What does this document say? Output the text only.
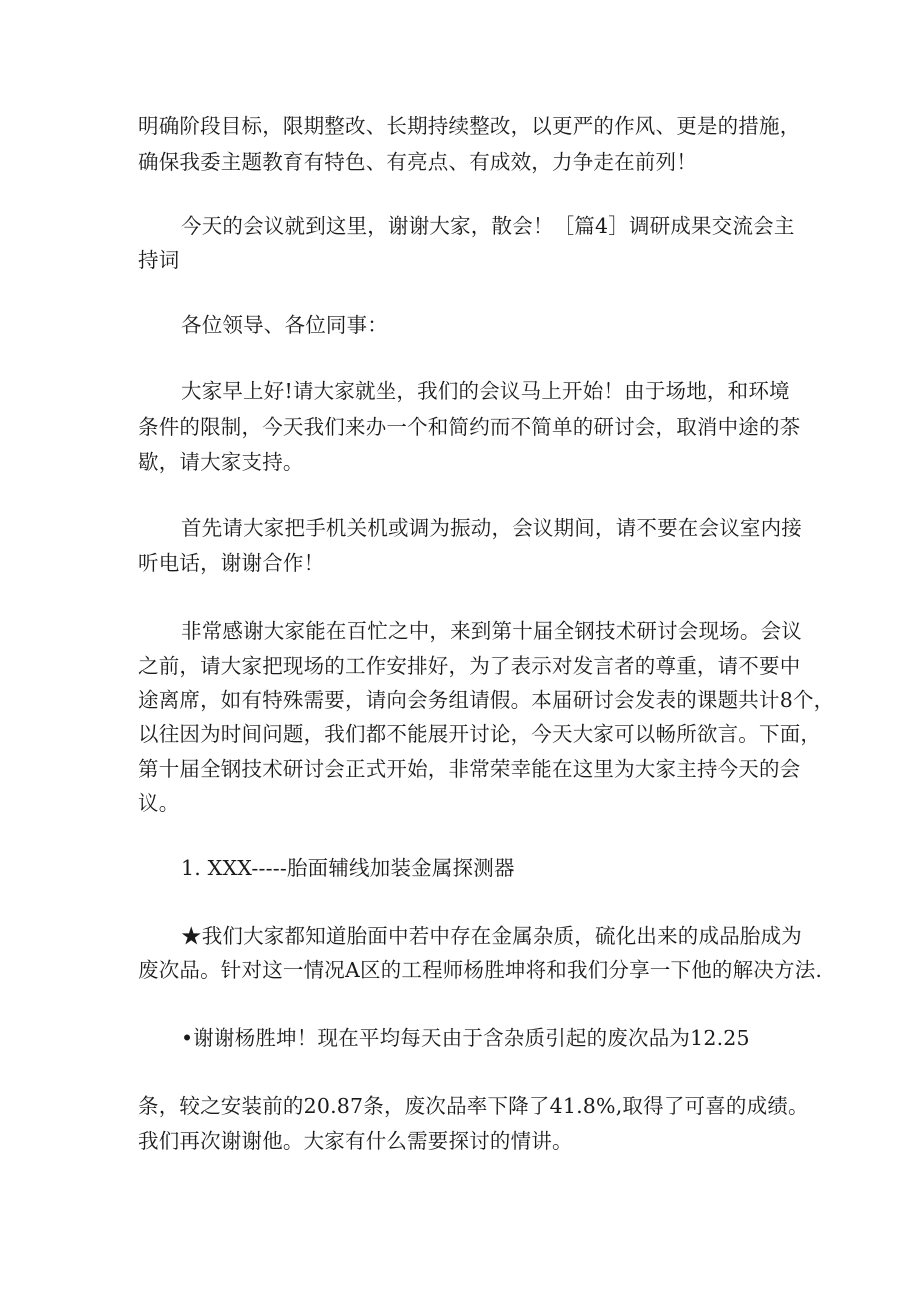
明确阶段目标，限期整改、长期持续整改，以更严的作风、更是的措施，

确保我委主题教育有特色、有亮点、有成效，力争走在前列！

今天的会议就到这里，谢谢大家，散会！［篇4］调研成果交流会主

持词

各位领导、各位同事：

大家早上好!请大家就坐，我们的会议马上开始！由于场地，和环境

条件的限制，今天我们来办一个和简约而不简单的研讨会，取消中途的茶

歇，请大家支持。

首先请大家把手机关机或调为振动，会议期间，请不要在会议室内接

听电话，谢谢合作！

非常感谢大家能在百忙之中，来到第十届全钢技术研讨会现场。会议

之前，请大家把现场的工作安排好，为了表示对发言者的尊重，请不要中

途离席，如有特殊需要，请向会务组请假。本届研讨会发表的课题共计8个，

以往因为时间问题，我们都不能展开讨论，今天大家可以畅所欲言。下面，

第十届全钢技术研讨会正式开始，非常荣幸能在这里为大家主持今天的会

议。

1. XXX-----胎面辅线加装金属探测器

★我们大家都知道胎面中若中存在金属杂质，硫化出来的成品胎成为

废次品。针对这一情况A区的工程师杨胜坤将和我们分享一下他的解决方法.

•谢谢杨胜坤！现在平均每天由于含杂质引起的废次品为12.25

条，较之安装前的20.87条，废次品率下降了41.8%,取得了可喜的成绩。

我们再次谢谢他。大家有什么需要探讨的情讲。
